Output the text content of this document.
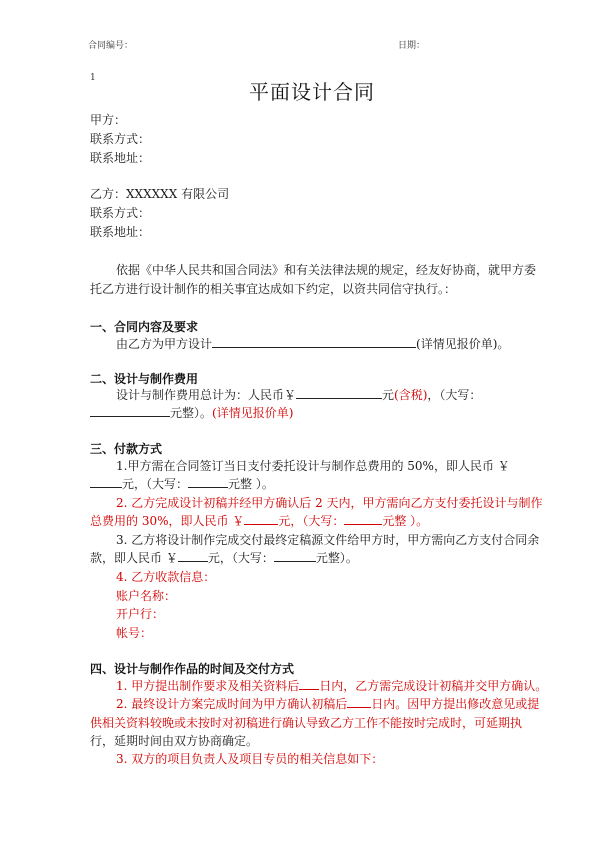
合同编号：	日期：
1
平面设计合同
甲方：
联系方式：
联系地址：
乙方：XXXXXX 有限公司
联系方式：
联系地址：
依据《中华人民共和国合同法》和有关法律法规的规定，经友好协商，就甲方委
托乙方进行设计制作的相关事宜达成如下约定，以资共同信守执行。：
一、合同内容及要求
由乙方为甲方设计	(详情见报价单)。
二、设计与制作费用
设计与制作费用总计为：人民币￥	元(含税)，（大写：
元整）。(详情见报价单)
三、付款方式
1.甲方需在合同签订当日支付委托设计与制作总费用的 50%，即人民币 ￥
元，（大写：	元整 ）。
2. 乙方完成设计初稿并经甲方确认后 2 天内，甲方需向乙方支付委托设计与制作
总费用的 30%，即人民币 ￥	元，（大写：	元整 ）。
3. 乙方将设计制作完成交付最终定稿源文件给甲方时，甲方需向乙方支付合同余
款，即人民币 ￥	元，（大写：	元整）。
4. 乙方收款信息：
账户名称：
开户行：
帐号：
四、设计与制作作品的时间及交付方式
1. 甲方提出制作要求及相关资料后 日内，乙方需完成设计初稿并交甲方确认。
2. 最终设计方案完成时间为甲方确认初稿后 日内。因甲方提出修改意见或提
供相关资料较晚或未按时对初稿进行确认导致乙方工作不能按时完成时，可延期执
行，延期时间由双方协商确定。
3. 双方的项目负责人及项目专员的相关信息如下：
